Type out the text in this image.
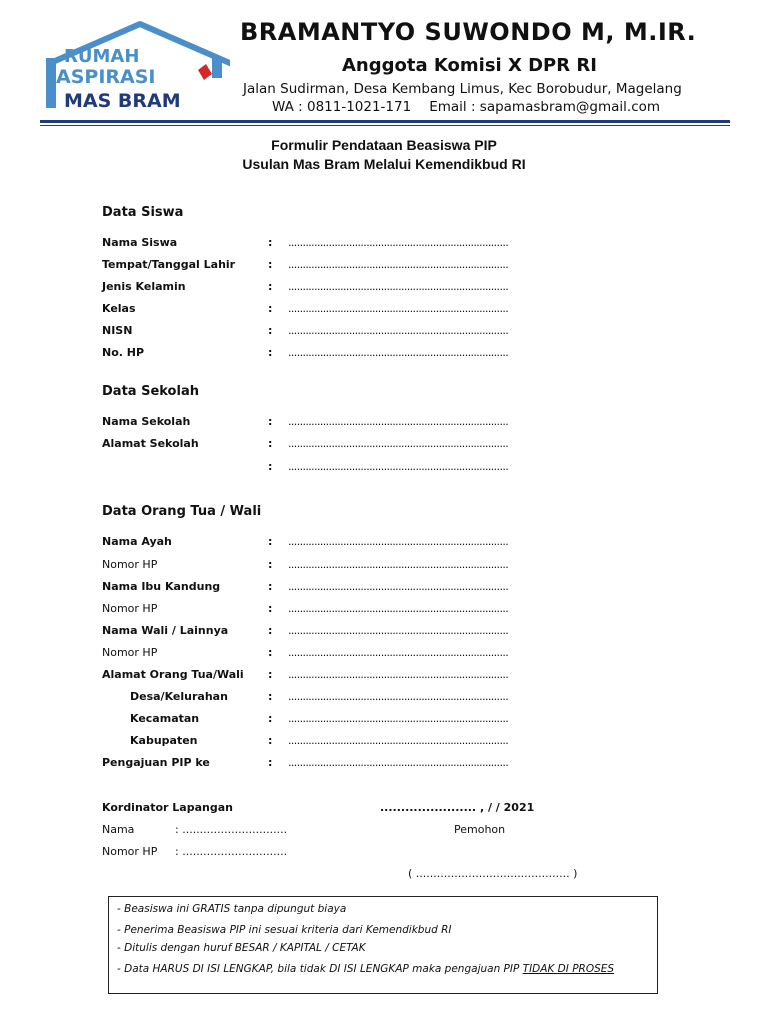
RUMAH
ASPIRASI
MAS BRAM
BRAMANTYO SUWONDO M, M.IR.
Anggota Komisi X DPR RI
Jalan Sudirman, Desa Kembang Limus, Kec Borobudur, Magelang
WA : 0811-1021-171 Email : sapamasbram@gmail.com
Formulir Pendataan Beasiswa PIP
Usulan Mas Bram Melalui Kemendikbud RI
Data Siswa
Nama Siswa	: ............................................................................
Tempat/Tanggal Lahir	: ............................................................................
Jenis Kelamin	: ............................................................................
Kelas	: ............................................................................
NISN	: ............................................................................
No. HP	: ............................................................................
Data Sekolah
Nama Sekolah	: ............................................................................
Alamat Sekolah	: ............................................................................
: ............................................................................
Data Orang Tua / Wali
Nama Ayah	: ............................................................................
Nomor HP	: ............................................................................
Nama Ibu Kandung	: ............................................................................
Nomor HP	: ............................................................................
Nama Wali / Lainnya	: ............................................................................
Nomor HP	: ............................................................................
Alamat Orang Tua/Wali : ............................................................................
Desa/Kelurahan	: ............................................................................
Kecamatan	: ............................................................................
Kabupaten	: ............................................................................
Pengajuan PIP ke	: ............................................................................
Kordinator Lapangan	....................... , / / 2021
Nama	: ..............................	Pemohon
Nomor HP : ..............................
( ............................................ )
- Beasiswa ini GRATIS tanpa dipungut biaya
- Penerima Beasiswa PIP ini sesuai kriteria dari Kemendikbud RI
- Ditulis dengan huruf BESAR / KAPITAL / CETAK
- Data HARUS DI ISI LENGKAP, bila tidak DI ISI LENGKAP maka pengajuan PIP TIDAK DI PROSES
